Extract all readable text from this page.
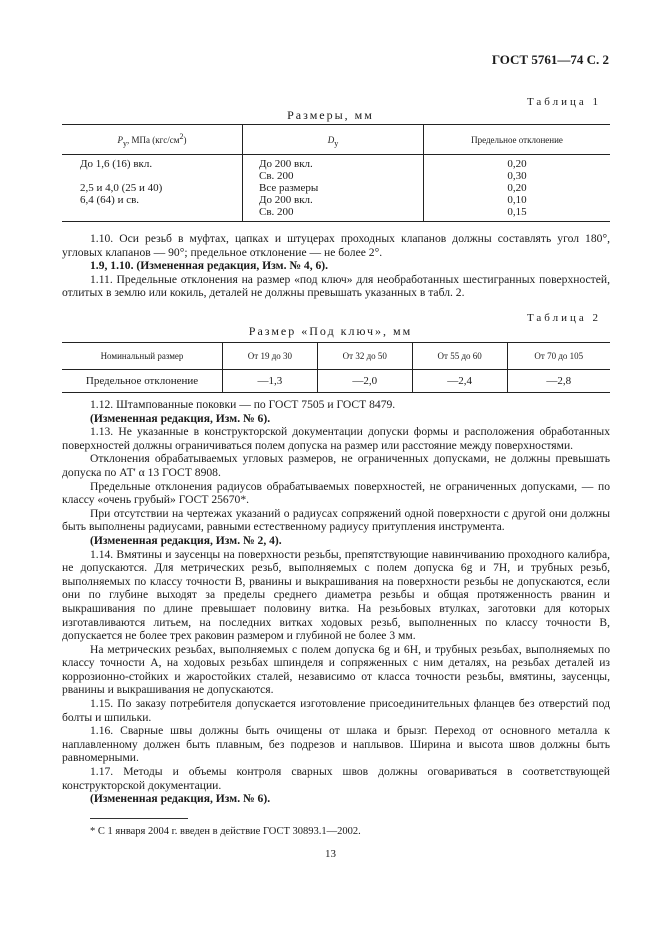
ГОСТ 5761—74 С. 2
Таблица 1
Размеры, мм
Pу, МПа (кгс/см2)	Dy	Предельное отклонение
До 1,6 (16) вкл.	До 200 вкл.	0,20
	Св. 200	0,30
2,5 и 4,0 (25 и 40)	Все размеры	0,20
6,4 (64) и св.	До 200 вкл.	0,10
	Св. 200	0,15

1.10. Оси резьб в муфтах, цапках и штуцерах проходных клапанов должны составлять угол 180°, угловых клапанов — 90°; предельное отклонение — не более 2°.

1.9, 1.10. (Измененная редакция, Изм. № 4, 6).

1.11. Предельные отклонения на размер «под ключ» для необработанных шестигранных поверхностей, отлитых в землю или кокиль, деталей не должны превышать указанных в табл. 2.

Таблица 2
Размер «Под ключ», мм
Номинальный размер	От 19 до 30	От 32 до 50	От 55 до 60	От 70 до 105
Предельное отклонение	—1,3	—2,0	—2,4	—2,8

1.12. Штампованные поковки — по ГОСТ 7505 и ГОСТ 8479.

(Измененная редакция, Изм. № 6).

1.13. Не указанные в конструкторской документации допуски формы и расположения обработанных поверхностей должны ограничиваться полем допуска на размер или расстояние между поверхностями.

Отклонения обрабатываемых угловых размеров, не ограниченных допусками, не должны превышать допуска по АТ' α 13 ГОСТ 8908.

Предельные отклонения радиусов обрабатываемых поверхностей, не ограниченных допусками, — по классу «очень грубый» ГОСТ 25670*.

При отсутствии на чертежах указаний о радиусах сопряжений одной поверхности с другой они должны быть выполнены радиусами, равными естественному радиусу притупления инструмента.

(Измененная редакция, Изм. № 2, 4).

1.14. Вмятины и заусенцы на поверхности резьбы, препятствующие навинчиванию проходного калибра, не допускаются. Для метрических резьб, выполняемых с полем допуска 6g и 7H, и трубных резьб, выполняемых по классу точности В, рванины и выкрашивания на поверхности резьбы не допускаются, если они по глубине выходят за пределы среднего диаметра резьбы и общая протяженность рванин и выкрашивания по длине превышает половину витка. На резьбовых втулках, заготовки для которых изготавливаются литьем, на последних витках ходовых резьб, выполненных по классу точности В, допускается не более трех раковин размером и глубиной не более 3 мм.

На метрических резьбах, выполняемых с полем допуска 6g и 6H, и трубных резьбах, выполняемых по классу точности А, на ходовых резьбах шпинделя и сопряженных с ним деталях, на резьбах деталей из коррозионно-стойких и жаростойких сталей, независимо от класса точности резьбы, вмятины, заусенцы, рванины и выкрашивания не допускаются.

1.15. По заказу потребителя допускается изготовление присоединительных фланцев без отверстий под болты и шпильки.

1.16. Сварные швы должны быть очищены от шлака и брызг. Переход от основного металла к наплавленному должен быть плавным, без подрезов и наплывов. Ширина и высота швов должны быть равномерными.

1.17. Методы и объемы контроля сварных швов должны оговариваться в соответствующей конструкторской документации.

(Измененная редакция, Изм. № 6).

* С 1 января 2004 г. введен в действие ГОСТ 30893.1—2002.
13
